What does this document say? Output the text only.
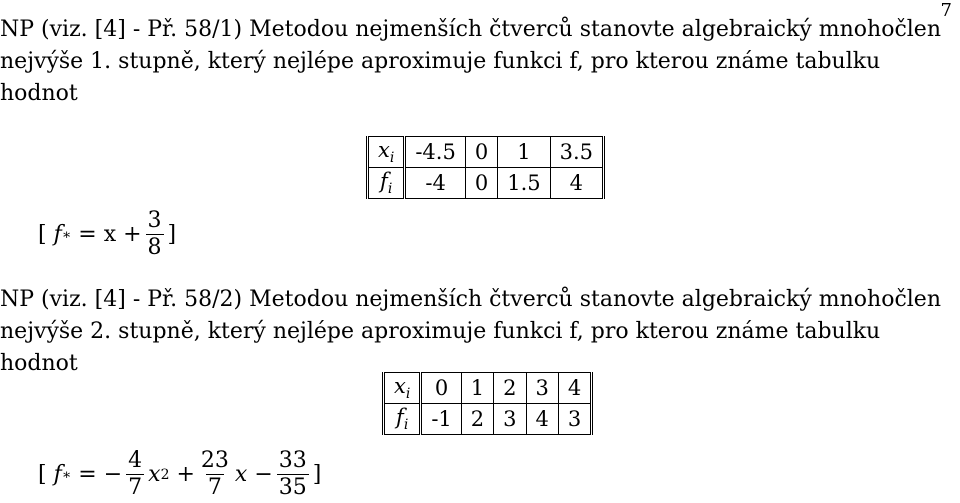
7
NP (viz. [4] - Př. 58/1) Metodou nejmenších čtverců stanovte algebraický mnohočlen
nejvýše 1. stupně, který nejlépe aproximuje funkci f, pro kterou známe tabulku
hodnot
$x_i$	-4.5	0	1	3.5
$f_i$	-4	0	1.5	4
[ f ∗ = $x + \frac{3}{8}$ ]
NP (viz. [4] - Př. 58/2) Metodou nejmenších čtverců stanovte algebraický mnohočlen
nejvýše 2. stupně, který nejlépe aproximuje funkci f, pro kterou známe tabulku
hodnot
$x_i$	0	1	2	3	4
$f_i$	-1	2	3	4	3
[ f ∗ = − $\frac{4}{7}$ x $2 + \frac{23}{7}$ $x - \frac{33}{35}$ ]
